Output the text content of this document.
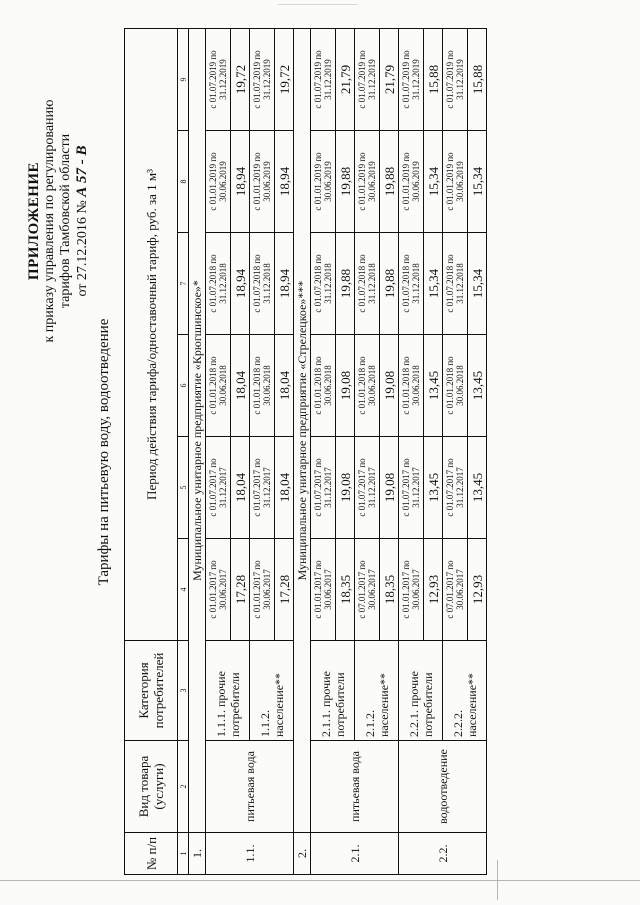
ПРИЛОЖЕНИЕ к приказу управления по регулированию тарифов Тамбовской области от 27.12.2016 № А 57 - В
Тарифы на питьевую воду, водоотведение
№ п/п	Вид товара (услуги)	Категория потребителей	Период действия тарифа/одноставочный тариф, руб. за 1 м³					
1	2	3	4	5	6	7	8	9
1.	Муниципальное унитарное предприятие «Крюгшинское»*							
1.1.	питьевая вода	1.1.1. прочие потребители	с 01.01.2017 по 30.06.2017	с 01.07.2017 по 31.12.2017	с 01.01.2018 по 30.06.2018	с 01.07.2018 по 31.12.2018	с 01.01.2019 по 30.06.2019	с 01.07.2019 по 31.12.2019
			17,28	18,04	18,04	18,94	18,94	19,72
		1.1.2. население**	с 01.01.2017 по 30.06.2017	с 01.07.2017 по 31.12.2017	с 01.01.2018 по 30.06.2018	с 01.07.2018 по 31.12.2018	с 01.01.2019 по 30.06.2019	с 01.07.2019 по 31.12.2019
			17,28	18,04	18,04	18,94	18,94	19,72
2.	Муниципальное унитарное предприятие «Стрелецкое»***							
2.1.	питьевая вода	2.1.1. прочие потребители	с 01.01.2017 по 30.06.2017	с 01.07.2017 по 31.12.2017	с 01.01.2018 по 30.06.2018	с 01.07.2018 по 31.12.2018	с 01.01.2019 по 30.06.2019	с 01.07.2019 по 31.12.2019
			18,35	19,08	19,08	19,88	19,88	21,79
		2.1.2. население**	с 07.01.2017 по 30.06.2017	с 01.07.2017 по 31.12.2017	с 01.01.2018 по 30.06.2018	с 01.07.2018 по 31.12.2018	с 01.01.2019 по 30.06.2019	с 01.07.2019 по 31.12.2019
			18,35	19,08	19,08	19,88	19,88	21,79
2.2.	водоотведение	2.2.1. прочие потребители	с 01.01.2017 по 30.06.2017	с 01.07.2017 по 31.12.2017	с 01.01.2018 по 30.06.2018	с 01.07.2018 по 31.12.2018	с 01.01.2019 по 30.06.2019	с 01.07.2019 по 31.12.2019
			12,93	13,45	13,45	15,34	15,34	15,88
		2.2.2. население**	с 07.01.2017 по 30.06.2017	с 01.07.2017 по 31.12.2017	с 01.01.2018 по 30.06.2018	с 01.07.2018 по 31.12.2018	с 01.01.2019 по 30.06.2019	с 01.07.2019 по 31.12.2019
			12,93	13,45	13,45	15,34	15,34	15,88
